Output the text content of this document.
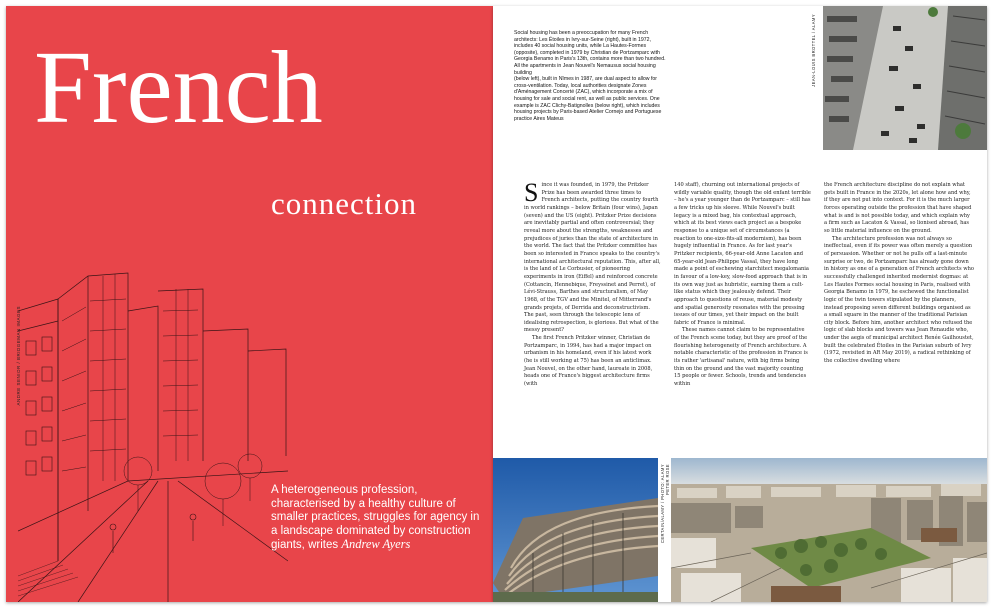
French
connection
ANDRE SENIOR / BRIDGEMAN IMAGES
A heterogeneous profession, characterised by a healthy culture of smaller practices, struggles for agency in a landscape dominated by construction giants, writes Andrew Ayers

Social housing has been a preoccupation for many French architects: Les Étoiles in Ivry-sur-Seine (right), built in 1972, includes 40 social housing units, while La Hautes-Formes (opposite), completed in 1979 by Christian de Portzamparc with Georgia Benamo in Paris's 13th, contains more than two hundred. All the apartments in Jean Nouvel's Nemausus social housing building

(below left), built in Nîmes in 1987, are dual aspect to allow for cross-ventilation. Today, local authorities designate Zones d'Aménagement Concerté (ZAC), which incorporate a mix of housing for sale and social rent, as well as public services. One example is ZAC Clichy-Batignolles (below right), which includes housing projects by Paris-based Atelier Cornejo and Portuguese practice Aires Mateus

JEAN-LOUIS BROTTEL / ALAMY

Since it was founded, in 1979, the Pritzker Prize has been awarded three times to French architects, putting the country fourth in world rankings – below Britain (four wins), Japan (seven) and the US (eight). Pritzker Prize decisions are inevitably partial and often controversial; they reveal more about the strengths, weaknesses and prejudices of juries than the state of architecture in the world. The fact that the Pritzker committee has been so interested in France speaks to the country's international architectural reputation. This, after all, is the land of Le Corbusier, of pioneering experiments in iron (Eiffel) and reinforced concrete (Cottancin, Hennebique, Freyssinet and Perret), of Lévi-Strauss, Barthes and structuralism, of May 1968, of the TGV and the Minitel, of Mitterrand's grands projets, of Derrida and deconstructivism. The past, seen through the telescopic lens of idealising retrospection, is glorious. But what of the messy present?

The first French Pritzker winner, Christian de Portzamparc, in 1994, has had a major impact on urbanism in his homeland, even if his latest work (he is still working at 75) has been an anticlimax. Jean Nouvel, on the other hand, laureate in 2008, heads one of France's biggest architecture firms (with

140 staff), churning out international projects of wildly variable quality, though the old enfant terrible – he's a year younger than de Portzamparc – still has a few tricks up his sleeve. While Nouvel's built legacy is a mixed bag, his contextual approach, which at its best views each project as a bespoke response to a unique set of circumstances (a reaction to one-size-fits-all modernism), has been hugely influential in France. As for last year's Pritzker recipients, 66-year-old Anne Lacaton and 65-year-old Jean-Philippe Vassal, they have long made a point of eschewing starchitect megalomania in favour of a low-key, slow-food approach that is in its own way just as hubristic, earning them a cult-like status which they jealously defend. Their approach to questions of reuse, material modesty and spatial generosity resonates with the pressing issues of our times, yet their impact on the built fabric of France is minimal.

These names cannot claim to be representative of the French scene today, but they are proof of the flourishing heterogeneity of French architecture. A notable characteristic of the profession in France is its rather 'artisanal' nature, with big firms being thin on the ground and the vast majority counting 15 people or fewer. Schools, trends and tendencies within

the French architecture discipline do not explain what gets built in France in the 2020s, let alone how and why, if they are not put into context. For it is the much larger forces operating outside the profession that have shaped what is and is not possible today, and which explain why a firm such as Lacaton & Vassal, so lionised abroad, has so little material influence on the ground.

The architecture profession was not always so ineffectual, even if its power was often merely a question of persuasion. Whether or not he pulls off a last-minute surprise or two, de Portzamparc has already gone down in history as one of a generation of French architects who successfully challenged inherited modernist dogmas: at Les Hautes Formes social housing in Paris, realised with Georgia Benamo in 1979, he eschewed the functionalist logic of the twin towers stipulated by the planners, instead proposing seven different buildings organised as a small square in the manner of the traditional Parisian city block. Before him, another architect who refused the logic of slab blocks and towers was Jean Renaudie who, under the aegis of municipal architect Renée Gailhoustet, built the celebrated Étoiles in the Parisian suburb of Ivry (1972, revisited in AR May 2019), a radical rethinking of the collective dwelling where

CERTAIN/ALAMY / PHOTO: ALAMY PETER ROSE
